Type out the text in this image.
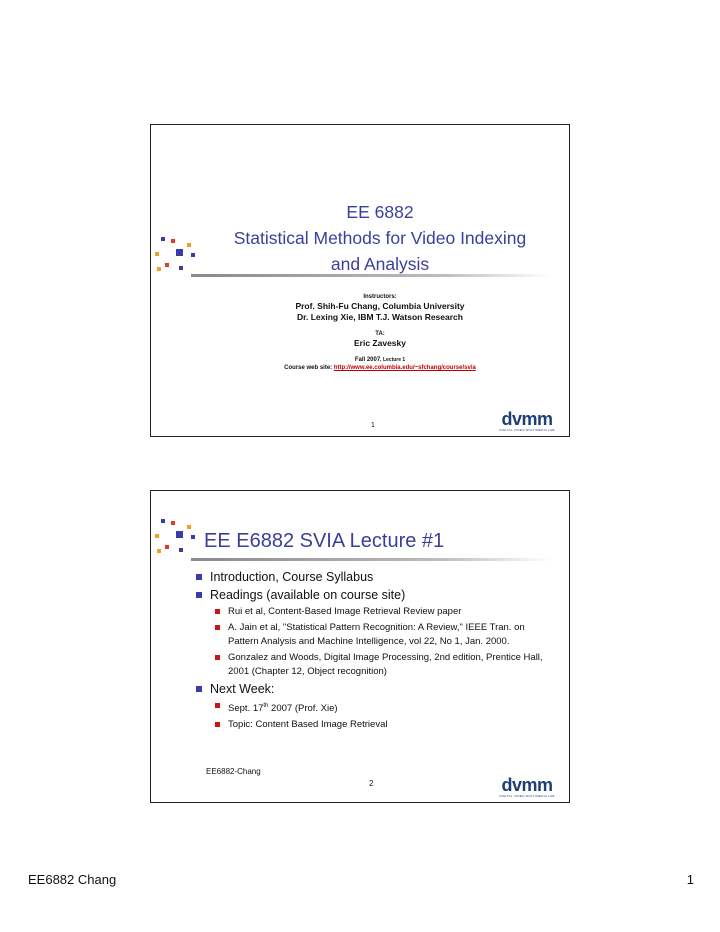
EE 6882
Statistical Methods for Video Indexing
and Analysis
Instructors:
Prof. Shih-Fu Chang, Columbia University
Dr. Lexing Xie, IBM T.J. Watson Research
TA:
Eric Zavesky
Fall 2007, Lecture 1
Course web site: http://www.ee.columbia.edu/~sfchang/course/svia
1	dvmm
DIGITAL VIDEO MULTIMEDIA LAB
EE E6882 SVIA Lecture #1
Introduction, Course Syllabus
Readings (available on course site)
Rui et al, Content-Based Image Retrieval Review paper
A. Jain et al, "Statistical Pattern Recognition: A Review," IEEE Tran. on Pattern Analysis and Machine Intelligence, vol 22, No 1, Jan. 2000.
Gonzalez and Woods, Digital Image Processing, 2nd edition, Prentice Hall, 2001 (Chapter 12, Object recognition)
Next Week:
Sept. 17th 2007 (Prof. Xie)
Topic: Content Based Image Retrieval
EE6882-Chang
2	dvmm
DIGITAL VIDEO MULTIMEDIA LAB
EE6882 Chang	1
